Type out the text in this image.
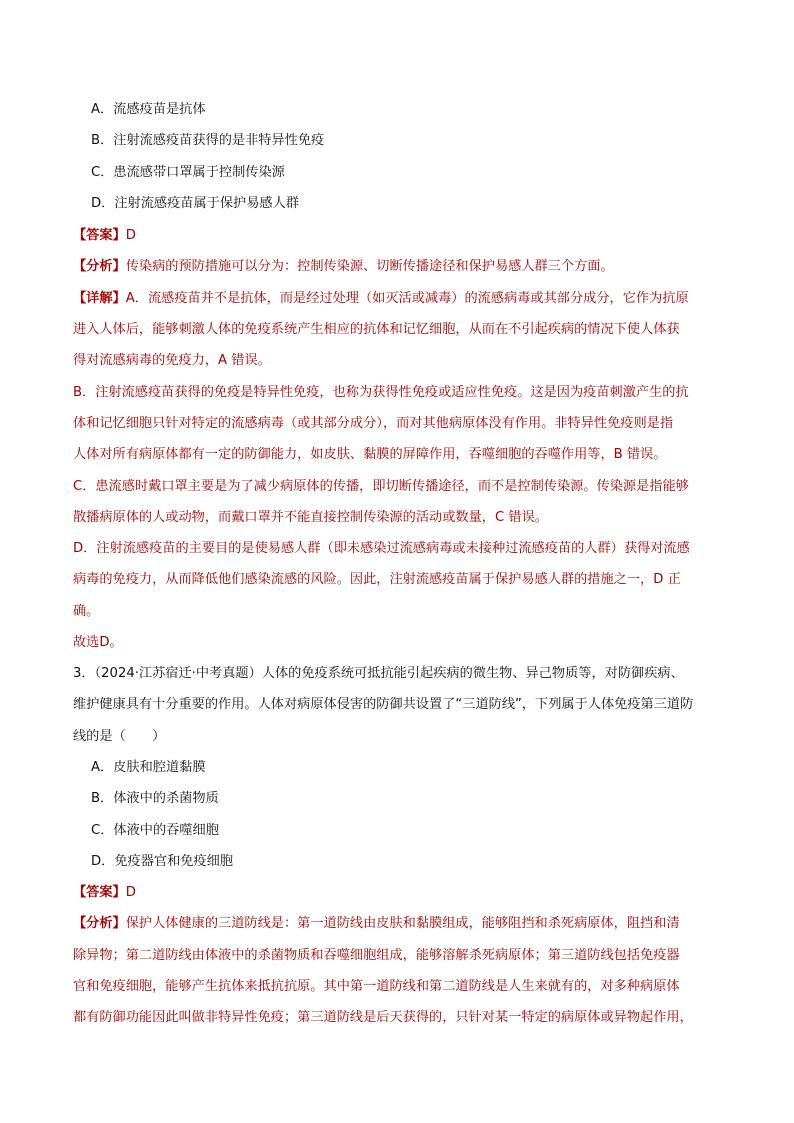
A．流感疫苗是抗体
B．注射流感疫苗获得的是非特异性免疫
C．患流感带口罩属于控制传染源
D．注射流感疫苗属于保护易感人群
【答案】D
【分析】传染病的预防措施可以分为：控制传染源、切断传播途径和保护易感人群三个方面。
【详解】A．流感疫苗并不是抗体，而是经过处理（如灭活或减毒）的流感病毒或其部分成分，它作为抗原
进入人体后，能够刺激人体的免疫系统产生相应的抗体和记忆细胞，从而在不引起疾病的情况下使人体获
得对流感病毒的免疫力，A 错误。
B．注射流感疫苗获得的免疫是特异性免疫，也称为获得性免疫或适应性免疫。这是因为疫苗刺激产生的抗
体和记忆细胞只针对特定的流感病毒（或其部分成分），而对其他病原体没有作用。非特异性免疫则是指
人体对所有病原体都有一定的防御能力，如皮肤、黏膜的屏障作用，吞噬细胞的吞噬作用等，B 错误。
C．患流感时戴口罩主要是为了减少病原体的传播，即切断传播途径，而不是控制传染源。传染源是指能够
散播病原体的人或动物，而戴口罩并不能直接控制传染源的活动或数量，C 错误。
D．注射流感疫苗的主要目的是使易感人群（即未感染过流感病毒或未接种过流感疫苗的人群）获得对流感
病毒的免疫力，从而降低他们感染流感的风险。因此，注射流感疫苗属于保护易感人群的措施之一，D 正
确。
故选D。
3．（2024·江苏宿迁·中考真题）人体的免疫系统可抵抗能引起疾病的微生物、异己物质等，对防御疾病、
维护健康具有十分重要的作用。人体对病原体侵害的防御共设置了“三道防线”，下列属于人体免疫第三道防
线的是（　　）
A．皮肤和腔道黏膜
B．体液中的杀菌物质
C．体液中的吞噬细胞
D．免疫器官和免疫细胞
【答案】D
【分析】保护人体健康的三道防线是：第一道防线由皮肤和黏膜组成，能够阻挡和杀死病原体，阻挡和清
除异物；第二道防线由体液中的杀菌物质和吞噬细胞组成，能够溶解杀死病原体；第三道防线包括免疫器
官和免疫细胞，能够产生抗体来抵抗抗原。其中第一道防线和第二道防线是人生来就有的，对多种病原体
都有防御功能因此叫做非特异性免疫；第三道防线是后天获得的，只针对某一特定的病原体或异物起作用，
